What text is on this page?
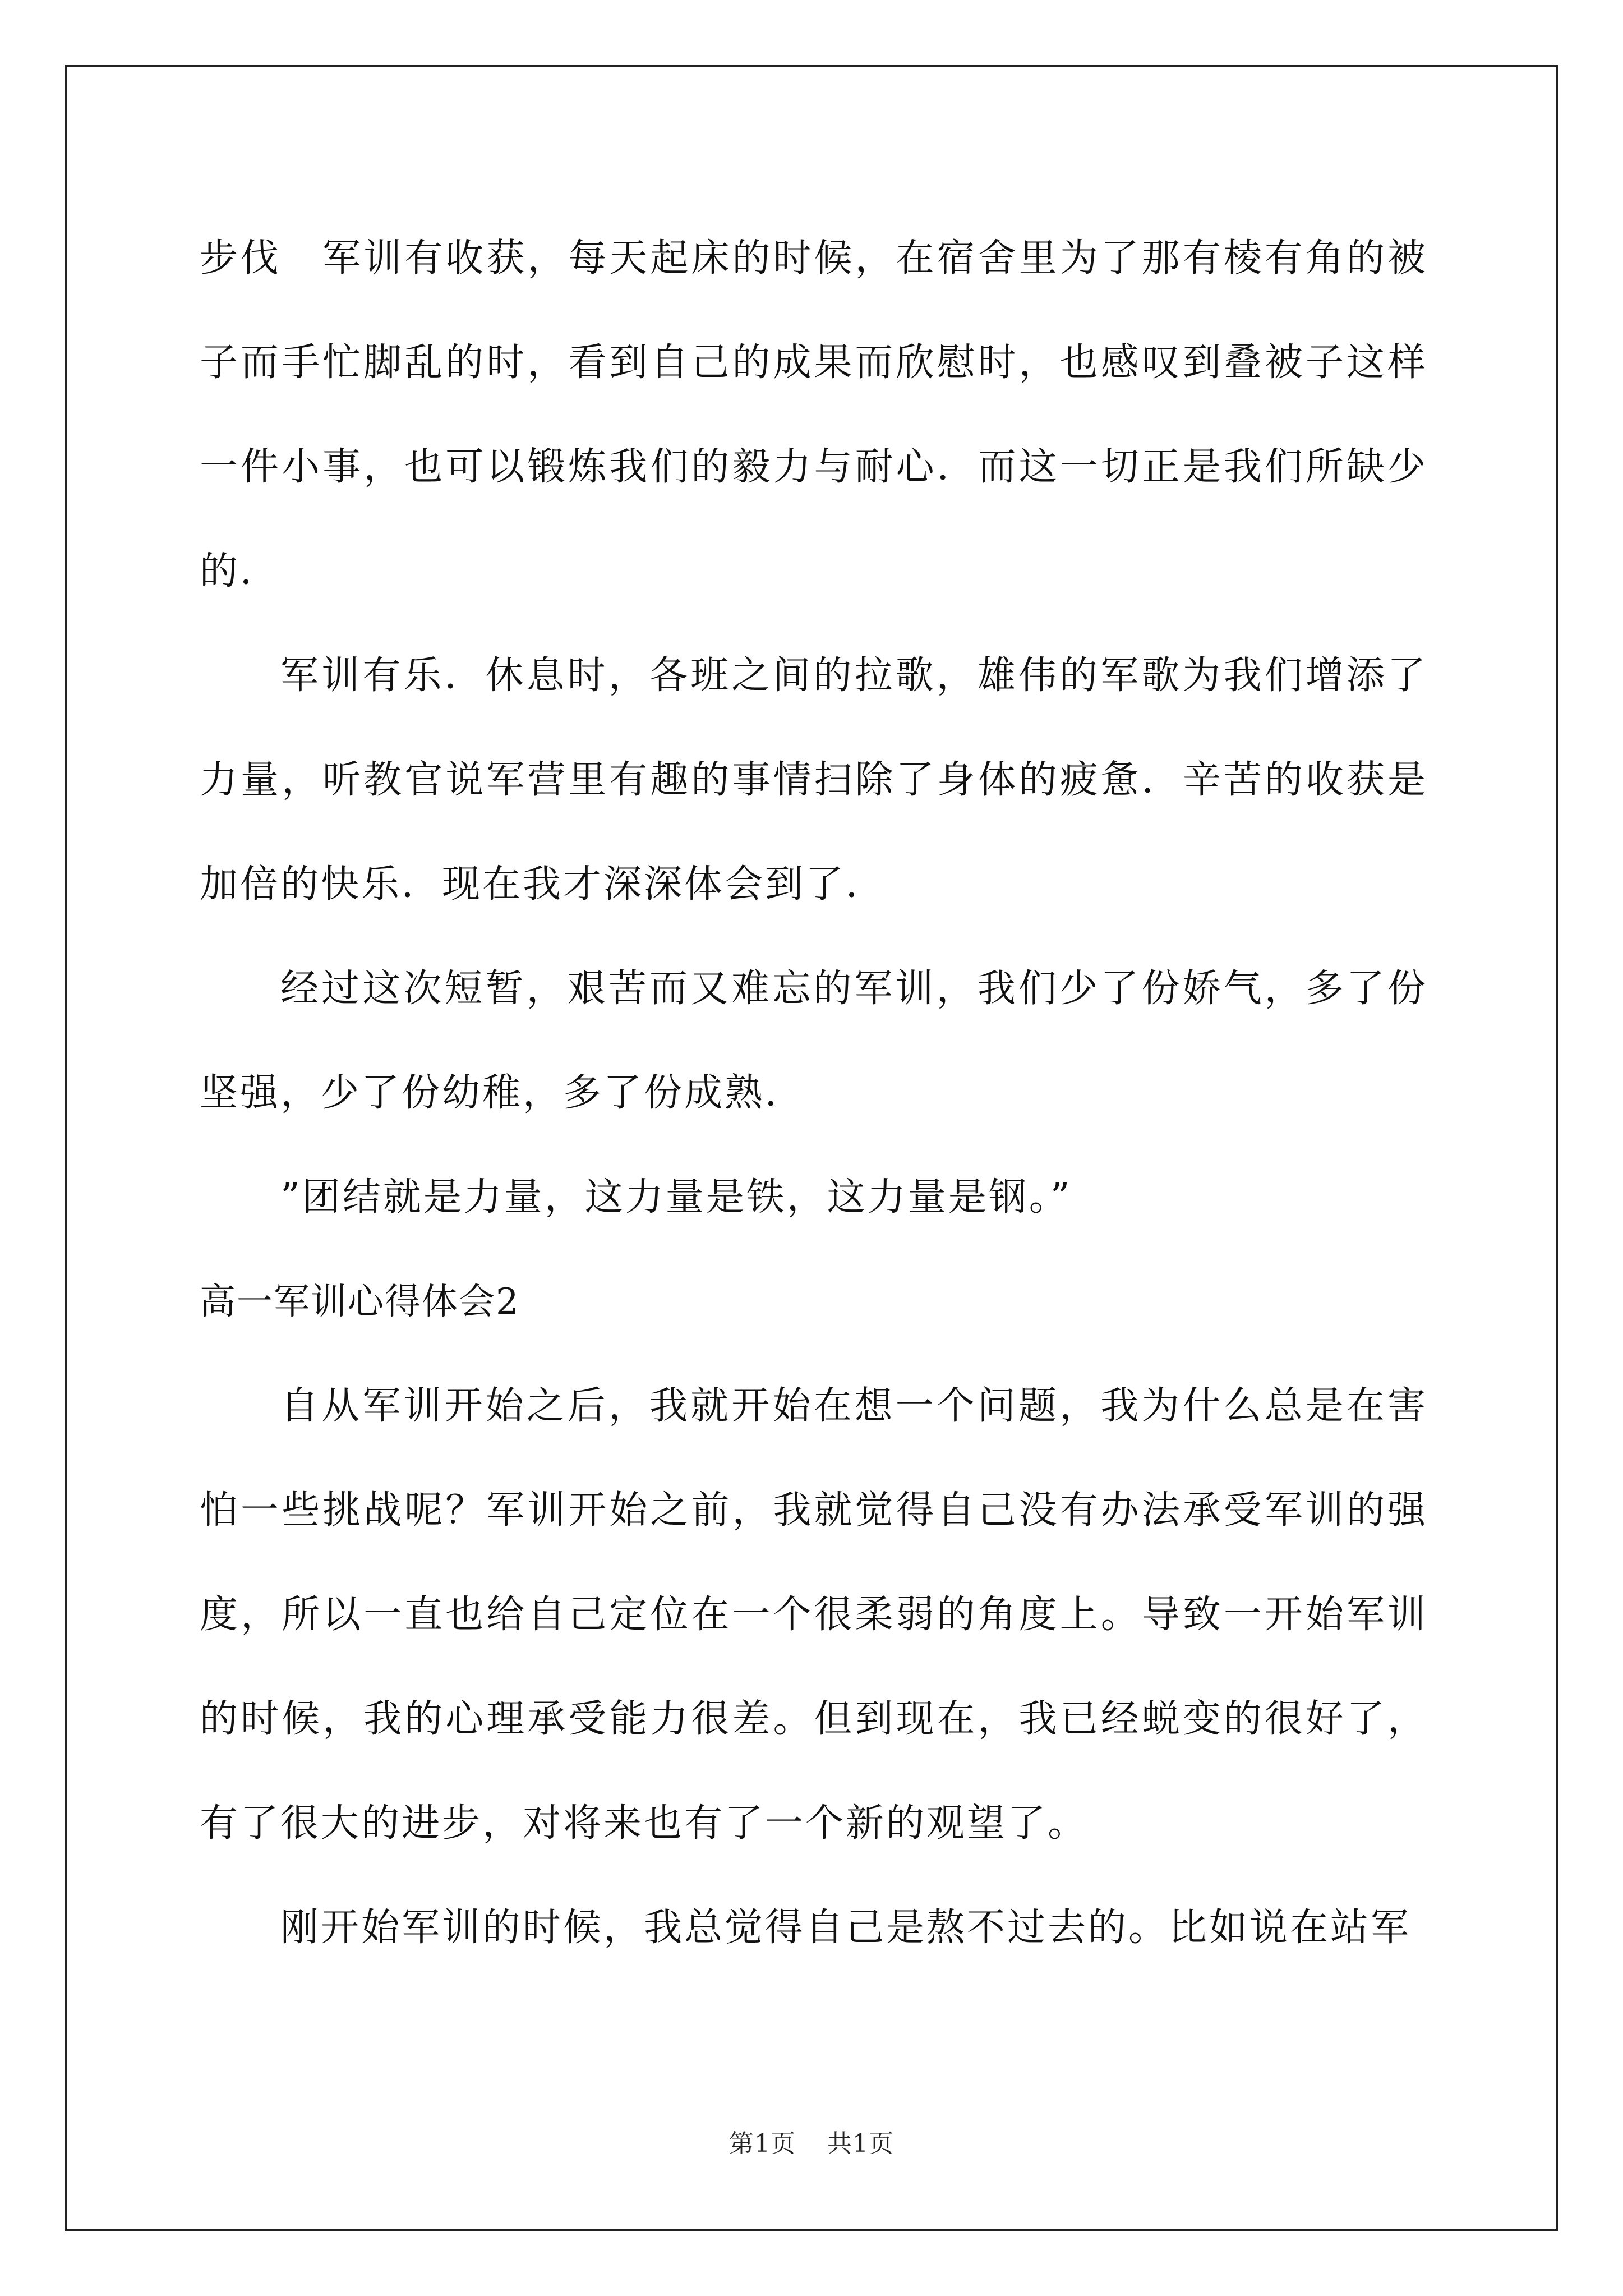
步伐　军训有收获，每天起床的时候，在宿舍里为了那有棱有角的被子而手忙脚乱的时，看到自己的成果而欣慰时，也感叹到叠被子这样一件小事，也可以锻炼我们的毅力与耐心．而这一切正是我们所缺少的．

军训有乐．休息时，各班之间的拉歌，雄伟的军歌为我们增添了力量，听教官说军营里有趣的事情扫除了身体的疲惫．辛苦的收获是加倍的快乐．现在我才深深体会到了．

经过这次短暂，艰苦而又难忘的军训，我们少了份娇气，多了份坚强，少了份幼稚，多了份成熟．

”团结就是力量，这力量是铁，这力量是钢。”

高一军训心得体会2

自从军训开始之后，我就开始在想一个问题，我为什么总是在害怕一些挑战呢？军训开始之前，我就觉得自己没有办法承受军训的强度，所以一直也给自己定位在一个很柔弱的角度上。导致一开始军训的时候，我的心理承受能力很差。但到现在，我已经蜕变的很好了，有了很大的进步，对将来也有了一个新的观望了。

刚开始军训的时候，我总觉得自己是熬不过去的。比如说在站军

第1页 共1页
